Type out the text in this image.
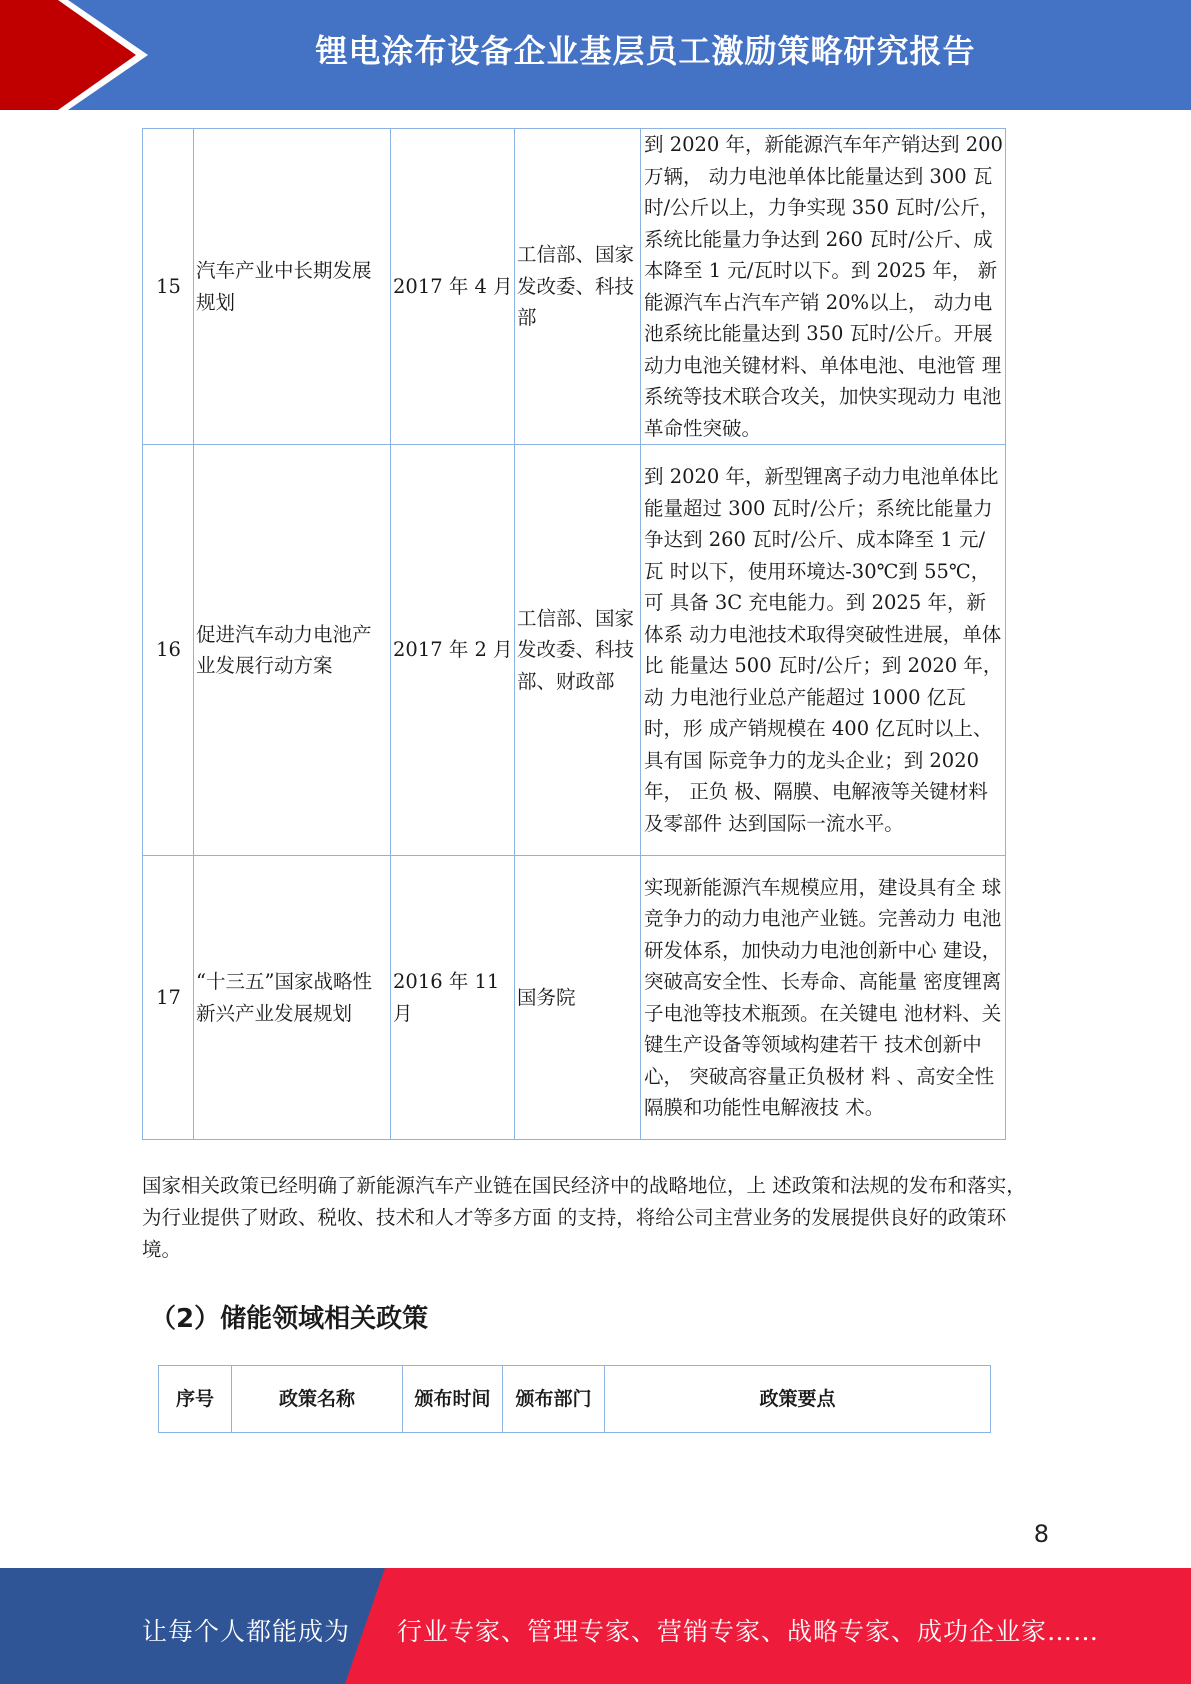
锂电涂布设备企业基层员工激励策略研究报告
15	汽车产业中长期发展 规划	2017 年 4 月	工信部、国家发改委、科技部	到 2020 年，新能源汽车年产销达到 200 万辆， 动力电池单体比能量达到 300 瓦时/公斤以上，力争实现 350 瓦时/公斤，系统比能量力争达到 260 瓦时/公斤、成本降至 1 元/瓦时以下。到 2025 年， 新能源汽车占汽车产销 20%以上， 动力电池系统比能量达到 350 瓦时/公斤。开展动力电池关键材料、单体电池、电池管 理系统等技术联合攻关，加快实现动力 电池革命性突破。
16	促进汽车动力电池产 业发展行动方案	2017 年 2 月	工信部、国家发改委、科技部、财政部	到 2020 年，新型锂离子动力电池单体比 能量超过 300 瓦时/公斤；系统比能量力 争达到 260 瓦时/公斤、成本降至 1 元/瓦 时以下，使用环境达-30℃到 55℃，可 具备 3C 充电能力。到 2025 年，新体系 动力电池技术取得突破性进展，单体比 能量达 500 瓦时/公斤；到 2020 年， 动 力电池行业总产能超过 1000 亿瓦时，形 成产销规模在 400 亿瓦时以上、具有国 际竞争力的龙头企业；到 2020 年， 正负 极、隔膜、电解液等关键材料及零部件 达到国际一流水平。
17	“十三五”国家战略性 新兴产业发展规划	2016 年 11 月	国务院	实现新能源汽车规模应用，建设具有全 球竞争力的动力电池产业链。完善动力 电池研发体系，加快动力电池创新中心 建设，突破高安全性、长寿命、高能量 密度锂离子电池等技术瓶颈。在关键电 池材料、关键生产设备等领域构建若干 技术创新中心， 突破高容量正负极材 料 、高安全性隔膜和功能性电解液技 术。
国家相关政策已经明确了新能源汽车产业链在国民经济中的战略地位，上 述政策和法规的发布和落实，为行业提供了财政、税收、技术和人才等多方面 的支持，将给公司主营业务的发展提供良好的政策环境。
（2）储能领域相关政策
序号	政策名称	颁布时间	颁布部门	政策要点
8
让每个人都能成为 行业专家、管理专家、营销专家、战略专家、成功企业家……
